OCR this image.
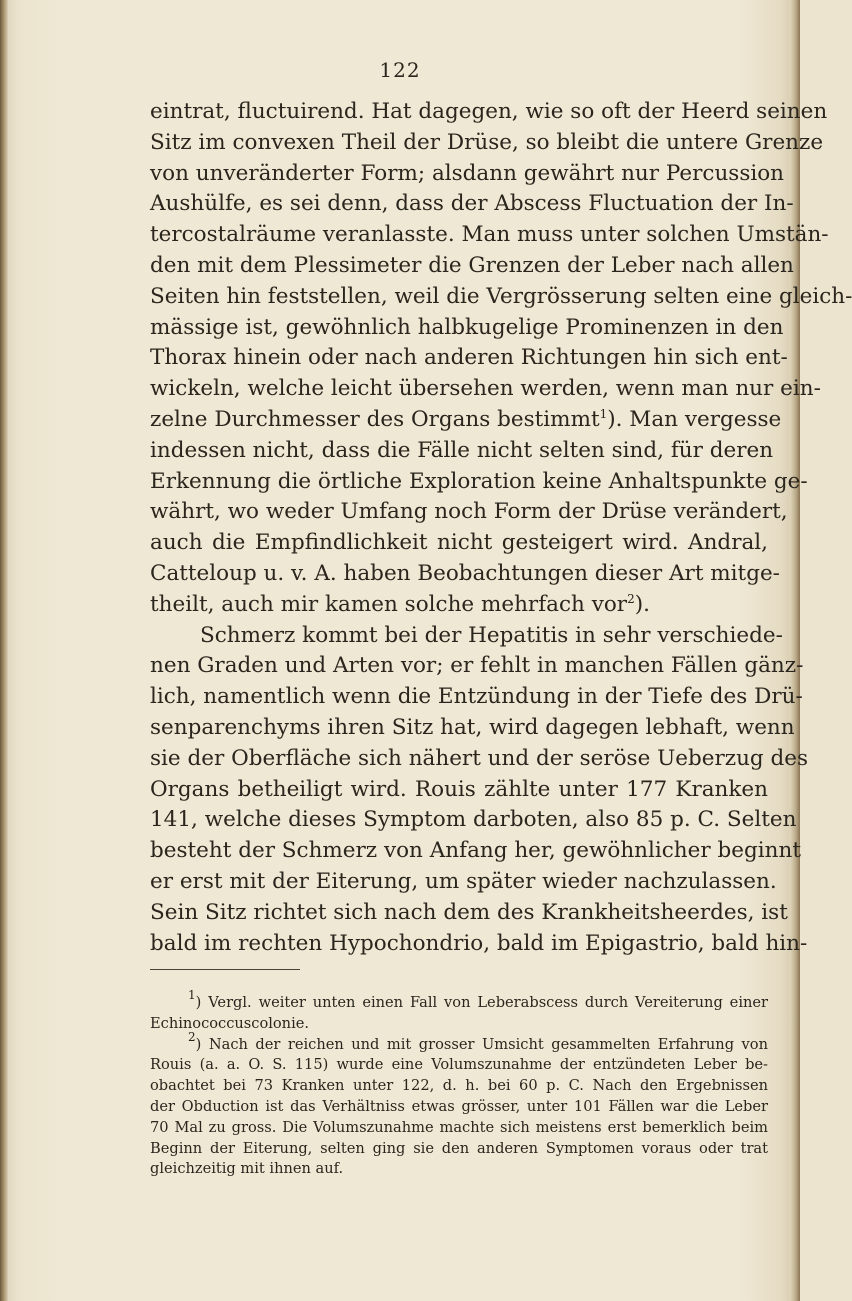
122
eintrat, fluctuirend. Hat dagegen, wie so oft der Heerd seinen
Sitz im convexen Theil der Drüse, so bleibt die untere Grenze
von unveränderter Form; alsdann gewährt nur Percussion
Aushülfe, es sei denn, dass der Abscess Fluctuation der In-
tercostalräume veranlasste. Man muss unter solchen Umstän-
den mit dem Plessimeter die Grenzen der Leber nach allen
Seiten hin feststellen, weil die Vergrösserung selten eine gleich-
mässige ist, gewöhnlich halbkugelige Prominenzen in den
Thorax hinein oder nach anderen Richtungen hin sich ent-
wickeln, welche leicht übersehen werden, wenn man nur ein-
zelne Durchmesser des Organs bestimmt$^1$). Man vergesse
indessen nicht, dass die Fälle nicht selten sind, für deren
Erkennung die örtliche Exploration keine Anhaltspunkte ge-
währt, wo weder Umfang noch Form der Drüse verändert,
auch die Empfindlichkeit nicht gesteigert wird. Andral,
Catteloup u. v. A. haben Beobachtungen dieser Art mitge-
theilt, auch mir kamen solche mehrfach vor$^2$).
Schmerz kommt bei der Hepatitis in sehr verschiede-
nen Graden und Arten vor; er fehlt in manchen Fällen gänz-
lich, namentlich wenn die Entzündung in der Tiefe des Drü-
senparenchyms ihren Sitz hat, wird dagegen lebhaft, wenn
sie der Oberfläche sich nähert und der seröse Ueberzug des
Organs betheiligt wird. Rouis zählte unter 177 Kranken
141, welche dieses Symptom darboten, also 85 p. C. Selten
besteht der Schmerz von Anfang her, gewöhnlicher beginnt
er erst mit der Eiterung, um später wieder nachzulassen.
Sein Sitz richtet sich nach dem des Krankheitsheerdes, ist
bald im rechten Hypochondrio, bald im Epigastrio, bald hin-
$^1$) Vergl. weiter unten einen Fall von Leberabscess durch Vereiterung einer
Echinococcuscolonie.
$^2$) Nach der reichen und mit grosser Umsicht gesammelten Erfahrung von
Rouis (a. a. O. S. 115) wurde eine Volumszunahme der entzündeten Leber be-
obachtet bei 73 Kranken unter 122, d. h. bei 60 p. C. Nach den Ergebnissen
der Obduction ist das Verhältniss etwas grösser, unter 101 Fällen war die Leber
70 Mal zu gross. Die Volumszunahme machte sich meistens erst bemerklich beim
Beginn der Eiterung, selten ging sie den anderen Symptomen voraus oder trat
gleichzeitig mit ihnen auf.
